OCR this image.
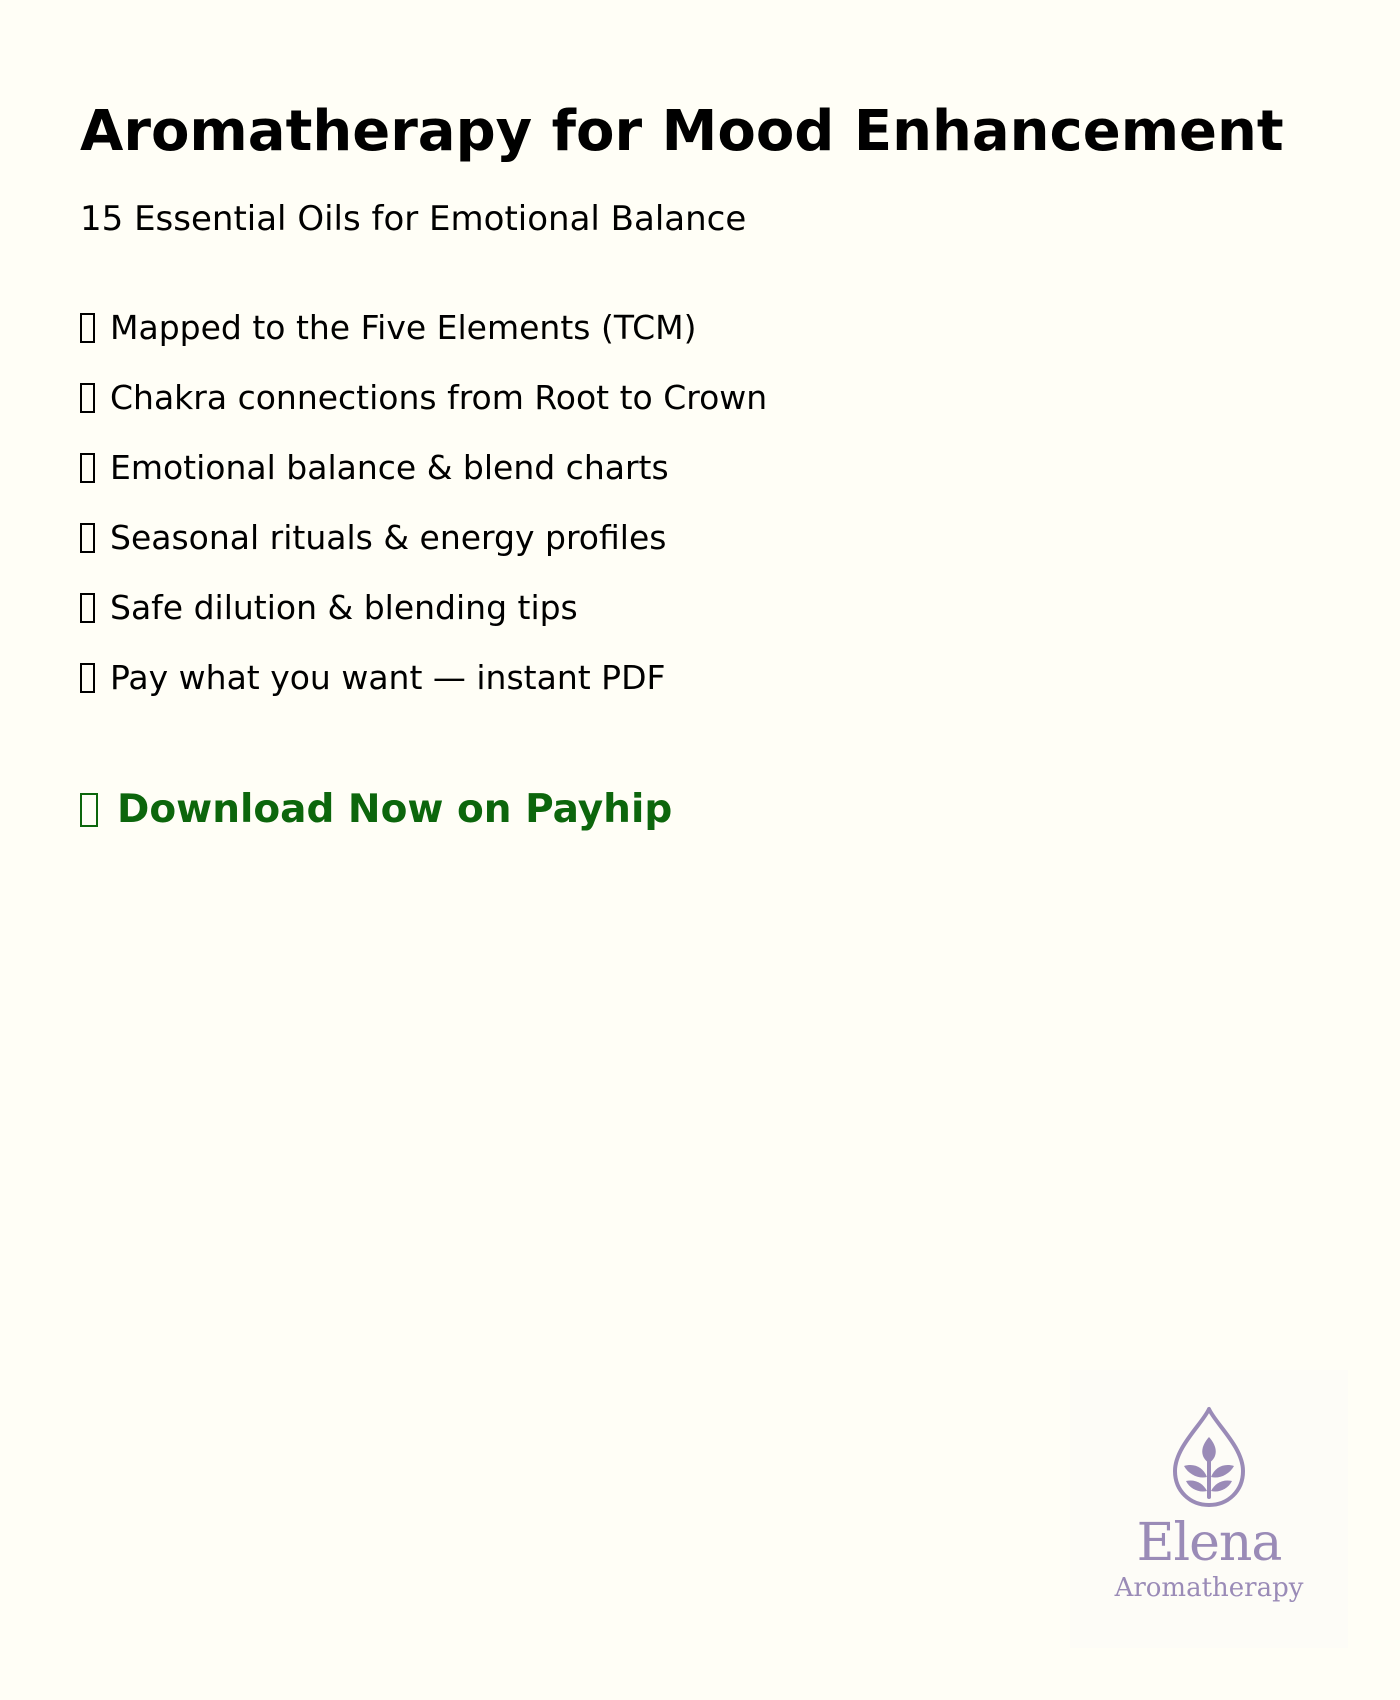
Aromatherapy for Mood Enhancement
15 Essential Oils for Emotional Balance
Mapped to the Five Elements (TCM)
Chakra connections from Root to Crown
Emotional balance & blend charts
Seasonal rituals & energy profiles
Safe dilution & blending tips
Pay what you want — instant PDF
Download Now on Payhip
Elena
Aromatherapy
